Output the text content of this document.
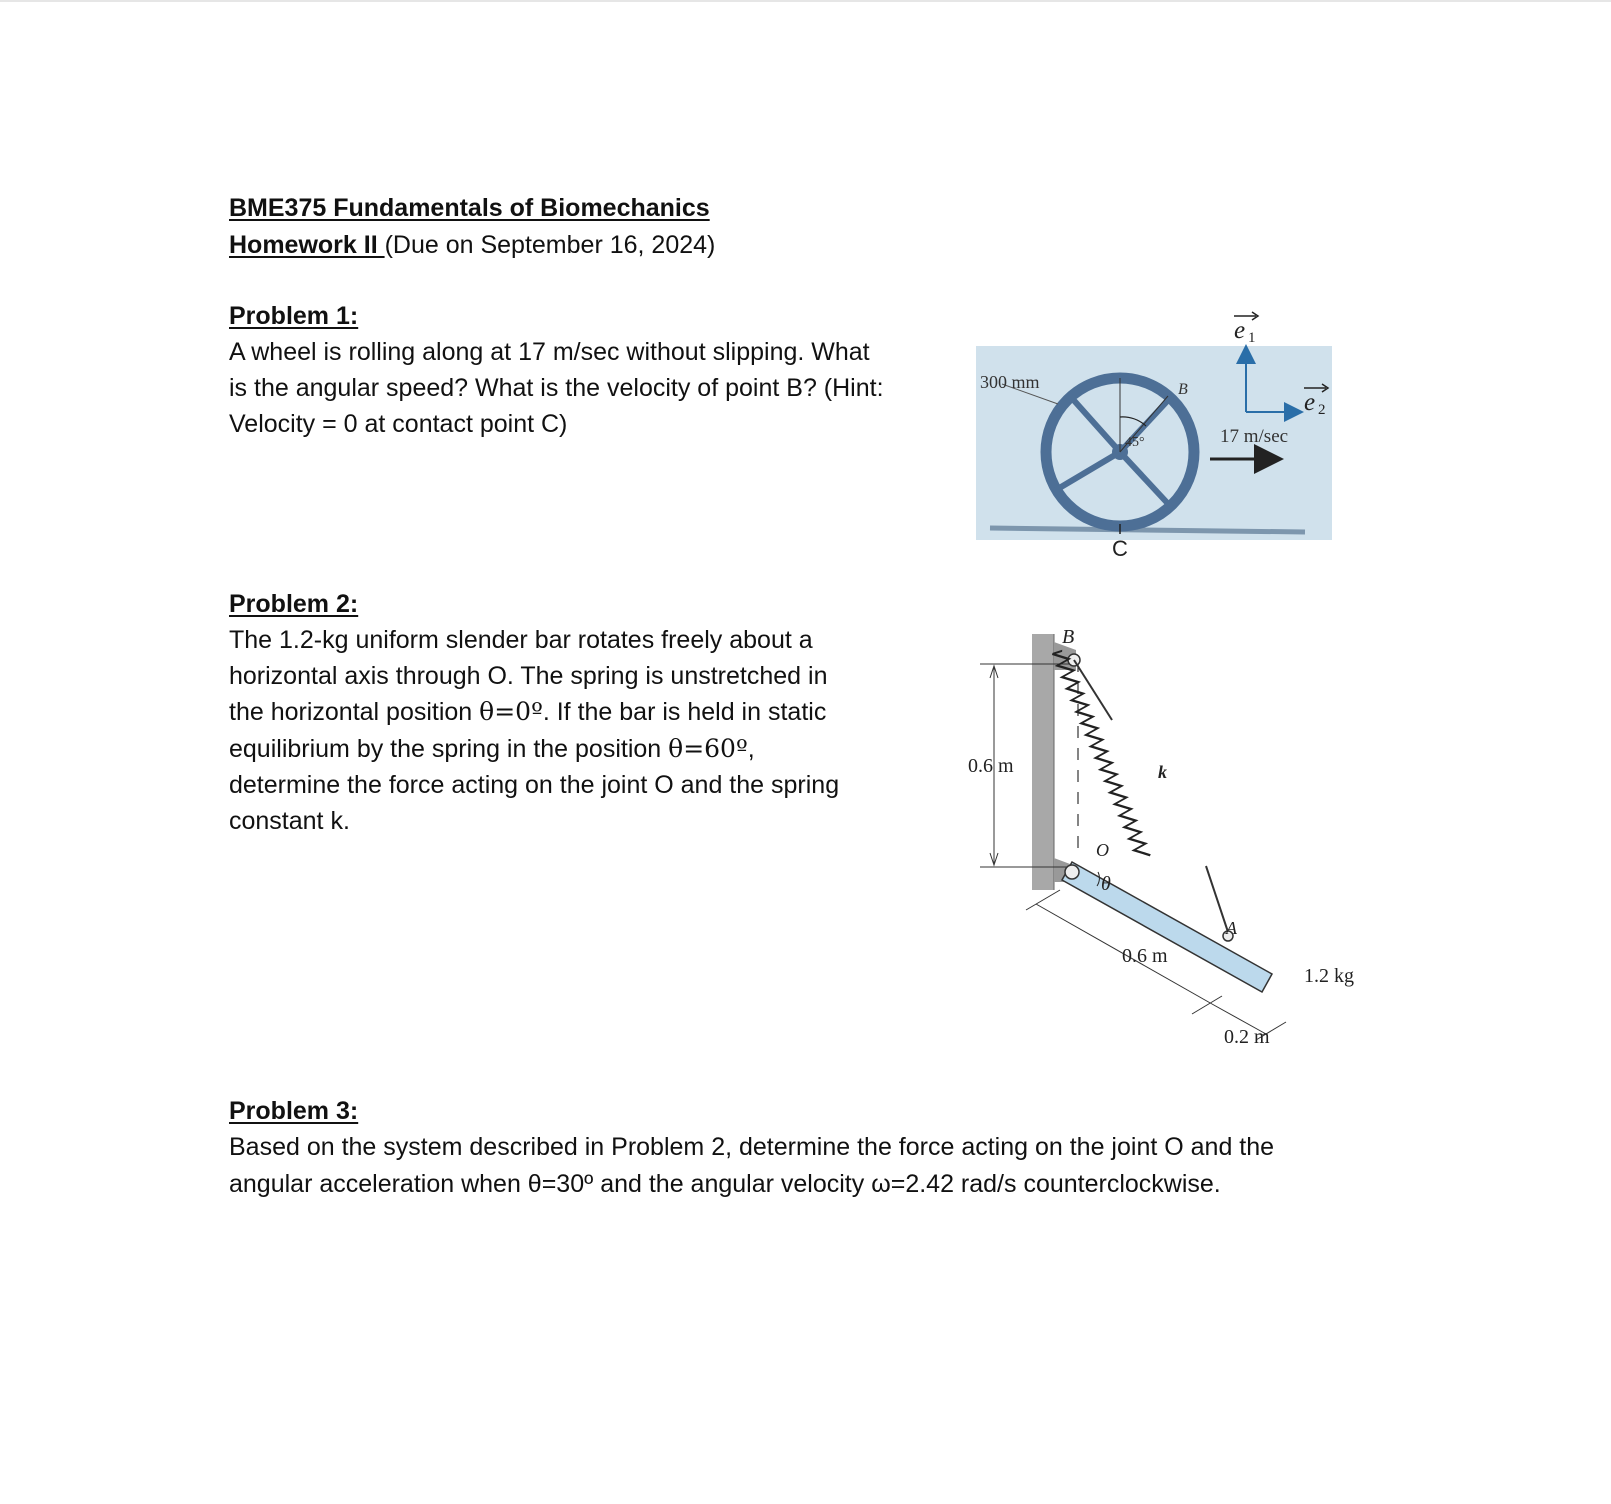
BME375 Fundamentals of Biomechanics
Homework II (Due on September 16, 2024)
Problem 1:
A wheel is rolling along at 17 m/sec without slipping. What
is the angular speed? What is the velocity of point B? (Hint:
Velocity = 0 at contact point C)
300 mm	B
45°	17 m/sec
e 1
e 2
C
Problem 2:
The 1.2-kg uniform slender bar rotates freely about a
horizontal axis through O. The spring is unstretched in
the horizontal position θ=0º. If the bar is held in static
equilibrium by the spring in the position θ=60º,
determine the force acting on the joint O and the spring
constant k.
0.6 m
B
k
O
θ
A
0.6 m
1.2 kg
0.2 m
Problem 3:
Based on the system described in Problem 2, determine the force acting on the joint O and the
angular acceleration when θ=30º and the angular velocity ω=2.42 rad/s counterclockwise.
